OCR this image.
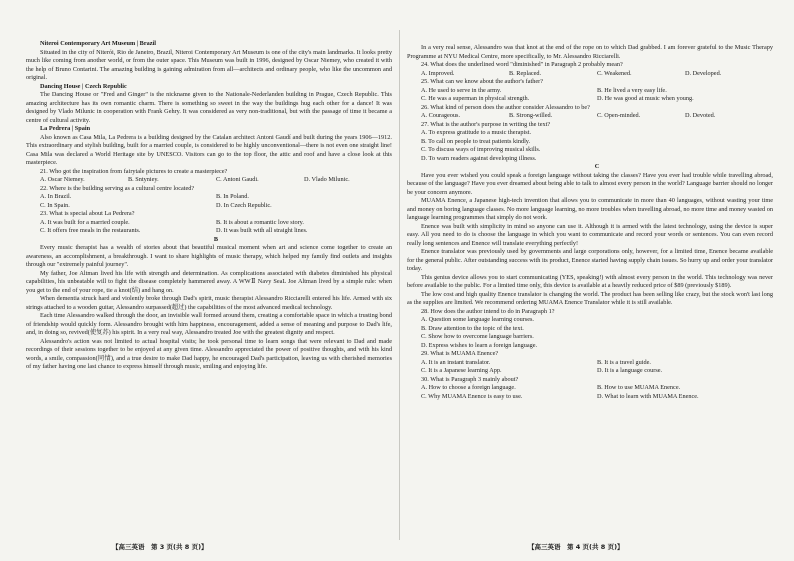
Niteroi Contemporary Art Museum | Brazil

Situated in the city of Niterói, Rio de Janeiro, Brazil, Niteroi Contemporary Art Museum is one of the city's main landmarks. It looks pretty much like coming from another world, or from the outer space. This Museum was built in 1996, designed by Oscar Niemey, who created it with the help of Bruno Contarini. The amazing building is gaining admiration from all—architects and ordinary people, who like the uncommon and original.

Dancing House | Czech Republic

The Dancing House or "Fred and Ginger" is the nickname given to the Nationale-Nederlanden building in Prague, Czech Republic. This amazing architecture has its own romantic charm. There is something so sweet in the way the buildings hug each other for a dance! It was designed by Vlado Milunic in cooperation with Frank Gehry. It was considered as very non-traditional, but with the passage of time it became a centre of cultural activity.

La Pedrera | Spain

Also known as Casa Mila, La Pedrera is a building designed by the Catalan architect Antoni Gaudí and built during the years 1906—1912. This extraordinary and stylish building, built for a married couple, is considered to be highly unconventional—there is not even one straight line! Casa Mila was declared a World Heritage site by UNESCO. Visitors can go to the top floor, the attic and roof and have a close look at this masterpiece.

21. Who got the inspiration from fairytale pictures to create a masterpiece?

A. Oscar Niemey.	B. Sntyniey.	C. Antoni Gaudi.	D. Vlado Milunic.

22. Where is the building serving as a cultural centre located?

A. In Brazil.	B. In Poland.
C. In Spain.	D. In Czech Republic.

23. What is special about La Pedrera?

A. It was built for a married couple.	B. It is about a romantic love story.
C. It offers free meals in the restaurants.	D. It was built with all straight lines.

B

Every music therapist has a wealth of stories about that beautiful musical moment when art and science come together to create an awareness, an accomplishment, a breakthrough. I want to share highlights of music therapy, which helped my family find outlets and insights through our "extremely painful journey".

My father, Joe Altman lived his life with strength and determination. As complications associated with diabetes diminished his physical capabilities, his unbeatable will to fight the disease completely hammered away. A WWⅡ Navy SeaL Joe Altman lived by a simple rule: when you get to the end of your rope, tie a knot(结) and hang on.

When dementia struck hard and violently broke through Dad's spirit, music therapist Alessandro Ricciarelli entered his life. Armed with six strings attached to a wooden guitar, Alessandro surpassed(超过) the capabilities of the most advanced medical technology.

Each time Alessandro walked through the door, an invisible wall formed around them, creating a comfortable space in which a trusting bond of friendship would quickly form. Alessandro brought with him happiness, encouragement, added a sense of meaning and purpose to Dad's life, and, in doing so, revived(使复苏) his spirit. In a very real way, Alessandro treated Joe with the greatest dignity and respect.

Alessandro's action was not limited to actual hospital visits; he took personal time to learn songs that were relevant to Dad and made recordings of their sessions together to be enjoyed at any given time. Alessandro appreciated the power of positive thoughts, and with his kind words, a smile, compassion(同情), and a true desire to make Dad happy, he encouraged Dad's participation, leaving us with cherished memories of my father having one last chance to express himself through music, smiling and enjoying life.

In a very real sense, Alessandro was that knot at the end of the rope on to which Dad grabbed. I am forever grateful to the Music Therapy Programme at NYU Medical Centre, more specifically, to Mr. Alessandro Ricciarelli.

24. What does the underlined word "diminished" in Paragraph 2 probably mean?

A. Improved.	B. Replaced.	C. Weakened.	D. Developed.

25. What can we know about the author's father?

A. He used to serve in the army.	B. He lived a very easy life.
C. He was a superman in physical strength.	D. He was good at music when young.

26. What kind of person does the author consider Alessandro to be?

A. Courageous.	B. Strong-willed.	C. Open-minded.	D. Devoted.

27. What is the author's purpose in writing the text?

A. To express gratitude to a music therapist.
B. To call on people to treat patients kindly.
C. To discuss ways of improving musical skills.
D. To warn readers against developing illness.

C

Have you ever wished you could speak a foreign language without taking the classes? Have you ever had trouble while travelling abroad, because of the language? Have you ever dreamed about being able to talk to almost every person in the world? Language barrier should no longer be your concern anymore.

MUAMA Enence, a Japanese high-tech invention that allows you to communicate in more than 40 languages, without wasting your time and money on boring language classes. No more language learning, no more troubles when travelling abroad, no more time and money wasted on language learning programmes that simply do not work.

Enence was built with simplicity in mind so anyone can use it. Although it is armed with the latest technology, using the device is super easy. All you need to do is choose the language in which you want to communicate and record your words or sentences. You can even record really long sentences and Enence will translate everything perfectly!

Enence translator was previously used by governments and large corporations only, however, for a limited time, Enence became available for the general public. After outstanding success with its product, Enence started having supply chain issues. So hurry up and order your translator today.

This genius device allows you to start communicating (YES, speaking!) with almost every person in the world. This technology was never before available to the public. For a limited time only, this device is available at a heavily reduced price of $89 (previously $189).

The low cost and high quality Enence translator is changing the world. The product has been selling like crazy, but the stock won't last long as the supplies are limited. We recommend ordering MUAMA Enence Translator while it is still available.

28. How does the author intend to do in Paragraph 1?

A. Question some language learning courses.
B. Draw attention to the topic of the text.
C. Show how to overcome language barriers.
D. Express wishes to learn a foreign language.

29. What is MUAMA Enence?

A. It is an instant translator.	B. It is a travel guide.
C. It is a Japanese learning App.	D. It is a language course.

30. What is Paragraph 3 mainly about?

A. How to choose a foreign language.	B. How to use MUAMA Enence.
C. Why MUAMA Enence is easy to use.	D. What to learn with MUAMA Enence.
【高三英语　第 3 页(共 8 页)】	【高三英语　第 4 页(共 8 页)】
